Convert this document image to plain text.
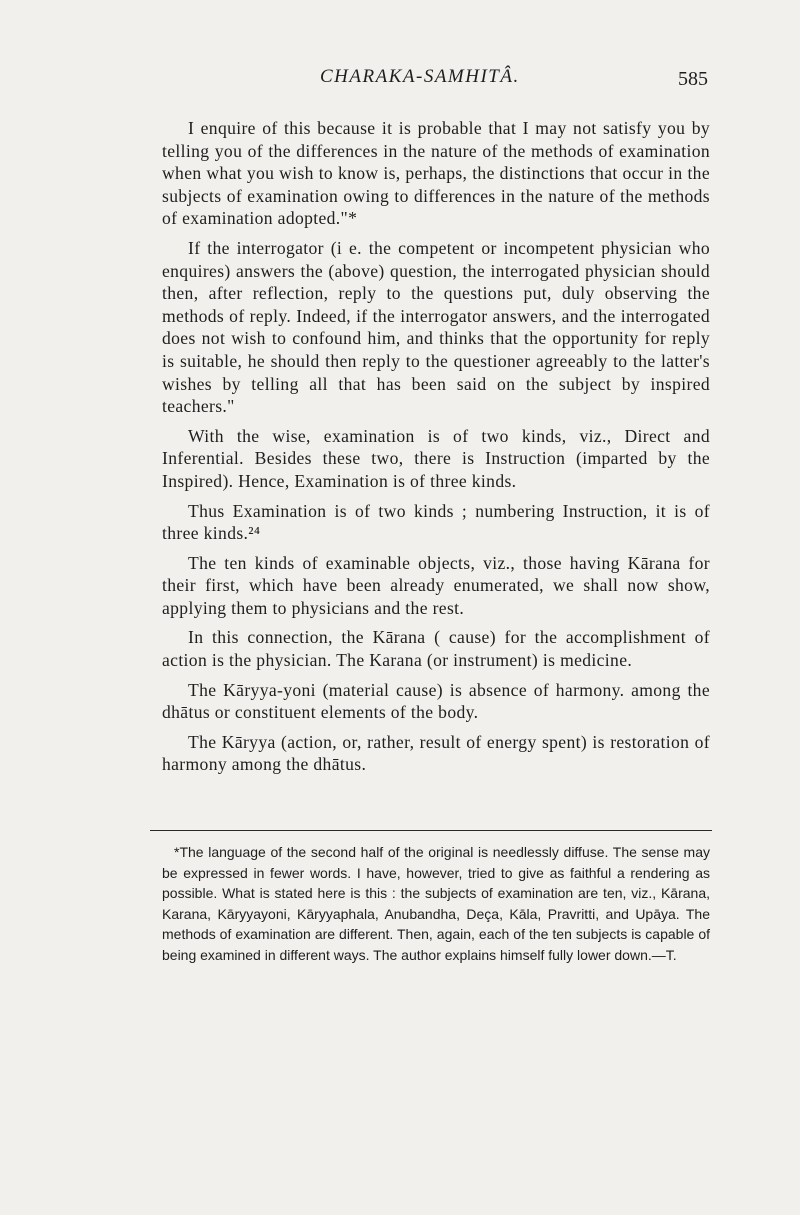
CHARAKA-SAMHITÂ.	585

I enquire of this because it is probable that I may not satisfy you by telling you of the differences in the nature of the methods of examination when what you wish to know is, perhaps, the distinctions that occur in the subjects of examination owing to differences in the nature of the methods of examination adopted."*

If the interrogator (i e. the competent or incompetent physician who enquires) answers the (above) question, the interrogated physician should then, after reflection, reply to the questions put, duly observing the methods of reply. Indeed, if the interrogator answers, and the interrogated does not wish to confound him, and thinks that the opportunity for reply is suitable, he should then reply to the questioner agreeably to the latter's wishes by telling all that has been said on the subject by inspired teachers."

With the wise, examination is of two kinds, viz., Direct and Inferential. Besides these two, there is Instruction (imparted by the Inspired). Hence, Examination is of three kinds.

Thus Examination is of two kinds ; numbering Instruction, it is of three kinds.²⁴

The ten kinds of examinable objects, viz., those having Kārana for their first, which have been already enumerated, we shall now show, applying them to physicians and the rest.

In this connection, the Kārana ( cause) for the accomplishment of action is the physician. The Karana (or instrument) is medicine.

The Kāryya-yoni (material cause) is absence of harmony. among the dhātus or constituent elements of the body.

The Kāryya (action, or, rather, result of energy spent) is restoration of harmony among the dhātus.

*The language of the second half of the original is needlessly diffuse. The sense may be expressed in fewer words. I have, however, tried to give as faithful a rendering as possible. What is stated here is this : the subjects of examination are ten, viz., Kārana, Karana, Kāryyayoni, Kāryyaphala, Anubandha, Deça, Kāla, Pravritti, and Upāya. The methods of examination are different. Then, again, each of the ten subjects is capable of being examined in different ways. The author explains himself fully lower down.—T.
